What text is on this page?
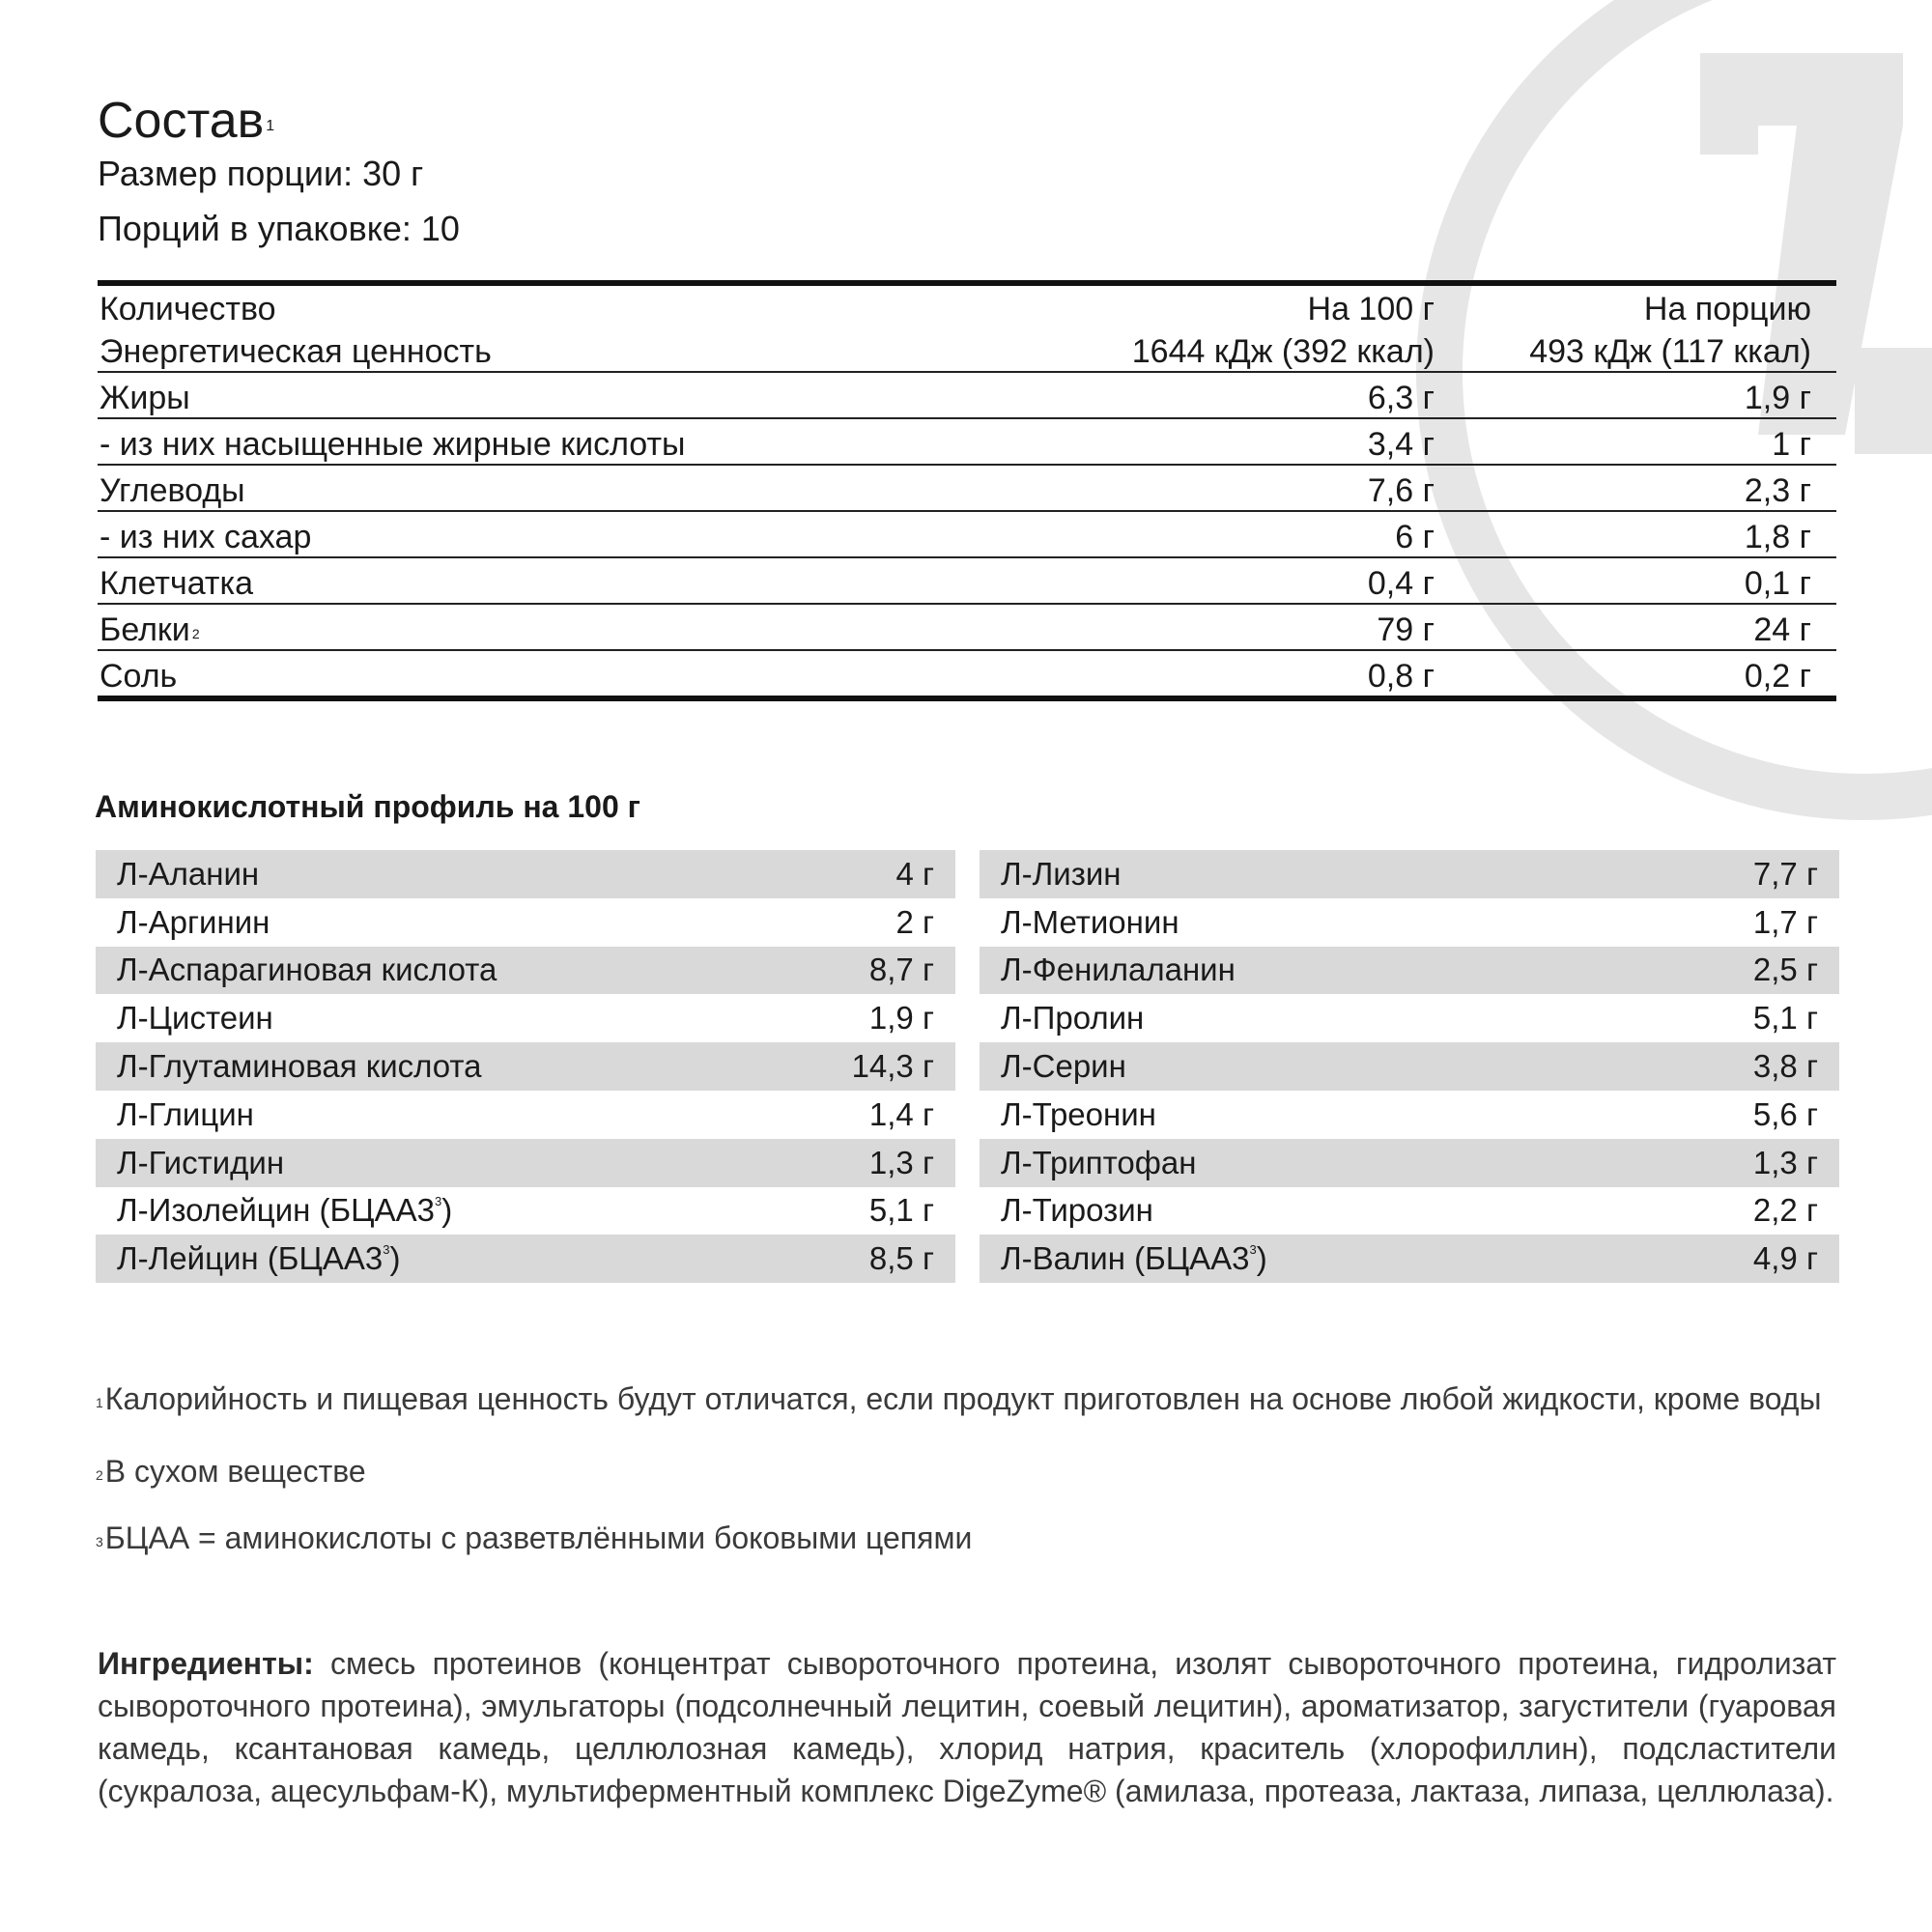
Состав $^1$
Размер порции: 30 г
Порций в упаковке: 10
Количество	На 100 г	На порцию
Энергетическая ценность	1644 кДж (392 ккал)	493 кДж (117 ккал)
Жиры	6,3 г	1,9 г
- из них насыщенные жирные кислоты	3,4 г	1 г
Углеводы	7,6 г	2,3 г
- из них сахар	6 г	1,8 г
Клетчатка	0,4 г	0,1 г
Белки $^2$	79 г	24 г
Соль	0,8 г	0,2 г
Аминокислотный профиль на 100 г
Л-Аланин	4 г
Л-Аргинин	2 г
Л-Аспарагиновая кислота	8,7 г
Л-Цистеин	1,9 г
Л-Глутаминовая кислота	14,3 г
Л-Глицин	1,4 г
Л-Гистидин	1,3 г
Л-Изолейцин $(БЦАА3^3)$	5,1 г
Л-Лейцин $(БЦАА3^3)$	8,5 г
Л-Лизин	7,7 г
Л-Метионин	1,7 г
Л-Фенилаланин	2,5 г
Л-Пролин	5,1 г
Л-Серин	3,8 г
Л-Треонин	5,6 г
Л-Триптофан	1,3 г
Л-Тирозин	2,2 г
Л-Валин $(БЦАА3^3)$	4,9 г
$^1$Калорийность и пищевая ценность будут отличатся, если продукт приготовлен на основе любой жидкости, кроме воды
$^2$В сухом веществе
$^3$БЦАА = аминокислоты с разветвлёнными боковыми цепями
Ингредиенты: смесь протеинов (концентрат сывороточного протеина, изолят сывороточного протеина, гидролизат сывороточного протеина), эмульгаторы (подсолнечный лецитин, соевый лецитин), ароматизатор, загустители (гуаровая камедь, ксантановая камедь, целлюлозная камедь), хлорид натрия, краситель (хлорофиллин), подсластители (сукралоза, ацесульфам-К), мультиферментный комплекс DigeZyme® (амилаза, протеаза, лактаза, липаза, целлюлаза).
